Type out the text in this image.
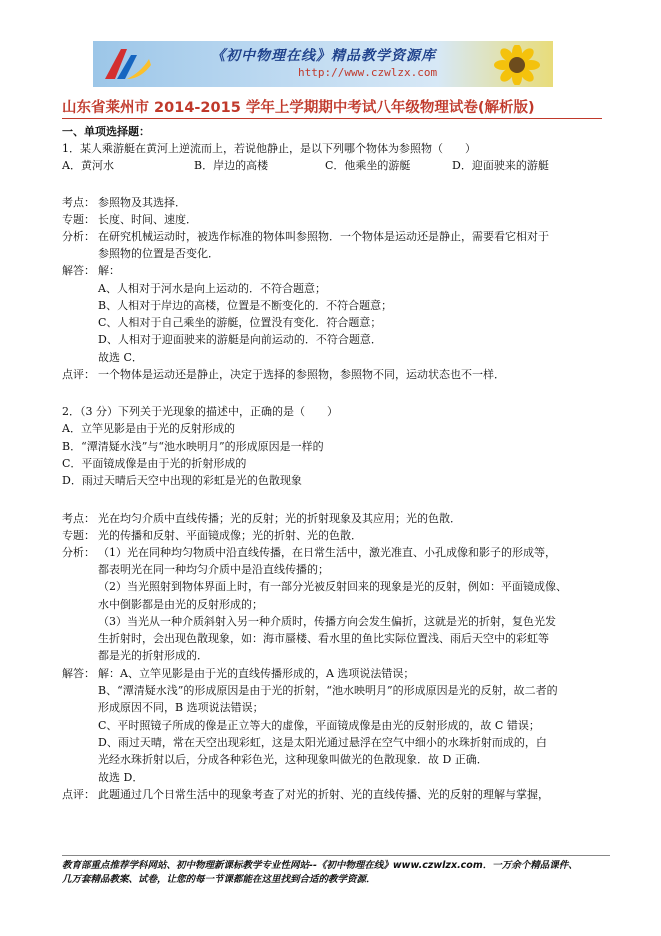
《初中物理在线》精品教学资源库
http://www.czwlzx.com
山东省莱州市 2014-2015 学年上学期期中考试八年级物理试卷(解析版)
一、单项选择题：
1．某人乘游艇在黄河上逆流而上，若说他静止，是以下列哪个物体为参照物（　　）
A．黄河水	B．岸边的高楼	C．他乘坐的游艇	D．迎面驶来的游艇
考点： 参照物及其选择．
专题： 长度、时间、速度．
分析： 在研究机械运动时，被选作标准的物体叫参照物．一个物体是运动还是静止，需要看它相对于
参照物的位置是否变化．
解答： 解：
A、人相对于河水是向上运动的．不符合题意；
B、人相对于岸边的高楼，位置是不断变化的．不符合题意；
C、人相对于自己乘坐的游艇，位置没有变化．符合题意；
D、人相对于迎面驶来的游艇是向前运动的．不符合题意．
故选 C．
点评： 一个物体是运动还是静止，决定于选择的参照物，参照物不同，运动状态也不一样．
2．（3 分）下列关于光现象的描述中，正确的是（　　）
A．立竿见影是由于光的反射形成的
B．“潭清疑水浅”与“池水映明月”的形成原因是一样的
C．平面镜成像是由于光的折射形成的
D．雨过天晴后天空中出现的彩虹是光的色散现象
考点： 光在均匀介质中直线传播；光的反射；光的折射现象及其应用；光的色散．
专题： 光的传播和反射、平面镜成像；光的折射、光的色散．
分析： （1）光在同种均匀物质中沿直线传播，在日常生活中，激光准直、小孔成像和影子的形成等，
都表明光在同一种均匀介质中是沿直线传播的；
（2）当光照射到物体界面上时，有一部分光被反射回来的现象是光的反射，例如：平面镜成像、
水中倒影都是由光的反射形成的；
（3）当光从一种介质斜射入另一种介质时，传播方向会发生偏折，这就是光的折射，复色光发
生折射时，会出现色散现象，如：海市蜃楼、看水里的鱼比实际位置浅、雨后天空中的彩虹等
都是光的折射形成的．
解答： 解：A、立竿见影是由于光的直线传播形成的，A 选项说法错误；
B、“潭清疑水浅”的形成原因是由于光的折射，“池水映明月”的形成原因是光的反射，故二者的
形成原因不同，B 选项说法错误；
C、平时照镜子所成的像是正立等大的虚像，平面镜成像是由光的反射形成的，故 C 错误；
D、雨过天晴，常在天空出现彩虹，这是太阳光通过悬浮在空气中细小的水珠折射而成的，白
光经水珠折射以后，分成各种彩色光，这种现象叫做光的色散现象．故 D 正确．
故选 D．
点评： 此题通过几个日常生活中的现象考查了对光的折射、光的直线传播、光的反射的理解与掌握，
教育部重点推荐学科网站、初中物理新课标教学专业性网站--《初中物理在线》www.czwlzx.com．一万余个精品课件、
几万套精品教案、试卷，让您的每一节课都能在这里找到合适的教学资源．
